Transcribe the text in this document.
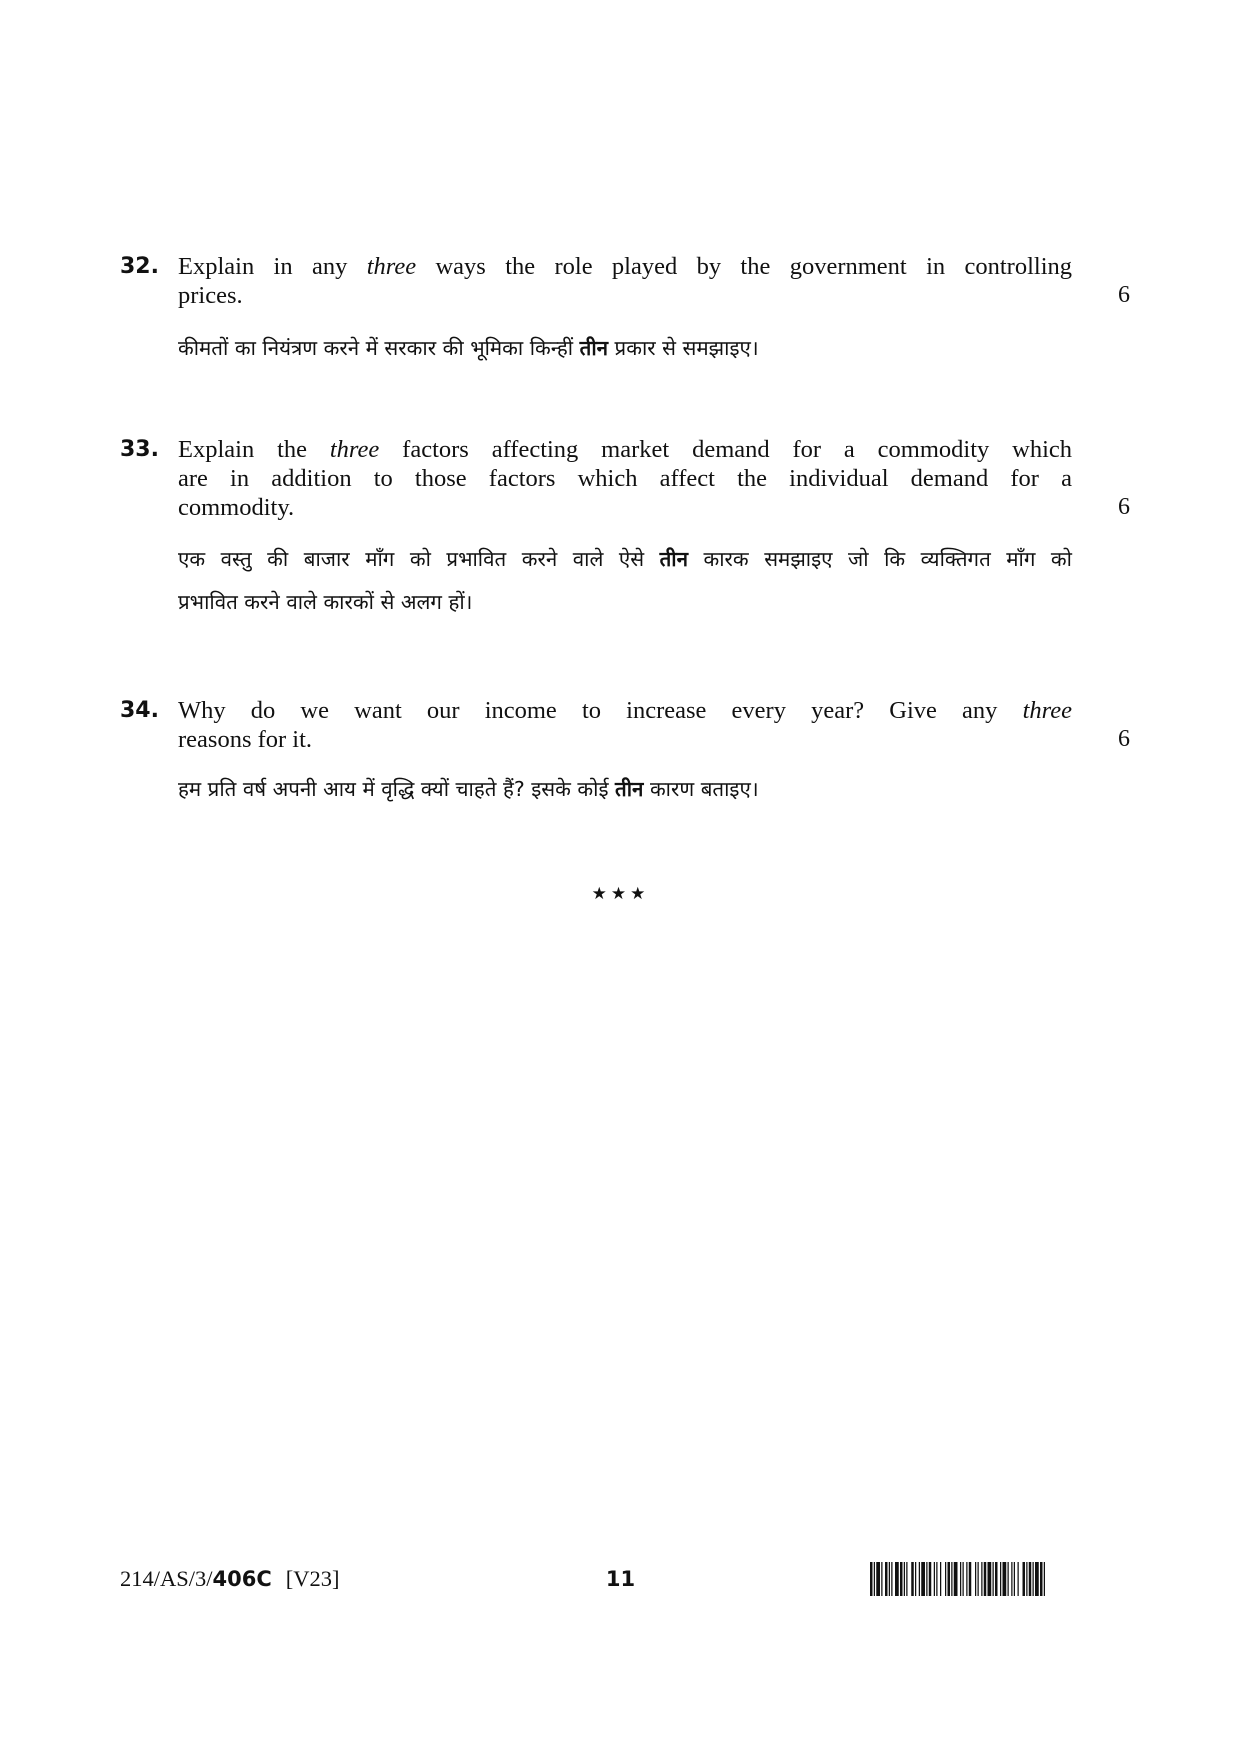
32. Explain in any three ways the role played by the government in controlling
prices.	6
कीमतों का नियंत्रण करने में सरकार की भूमिका किन्हीं तीन प्रकार से समझाइए।
33. Explain the three factors affecting market demand for a commodity which
are in addition to those factors which affect the individual demand for a
commodity.	6
एक वस्तु की बाजार माँग को प्रभावित करने वाले ऐसे तीन कारक समझाइए जो कि व्यक्तिगत माँग को
प्रभावित करने वाले कारकों से अलग हों।
34. Why do we want our income to increase every year? Give any three
reasons for it.	6
हम प्रति वर्ष अपनी आय में वृद्धि क्यों चाहते हैं? इसके कोई तीन कारण बताइए।
★★★
214/AS/3/406C [V23]	11
